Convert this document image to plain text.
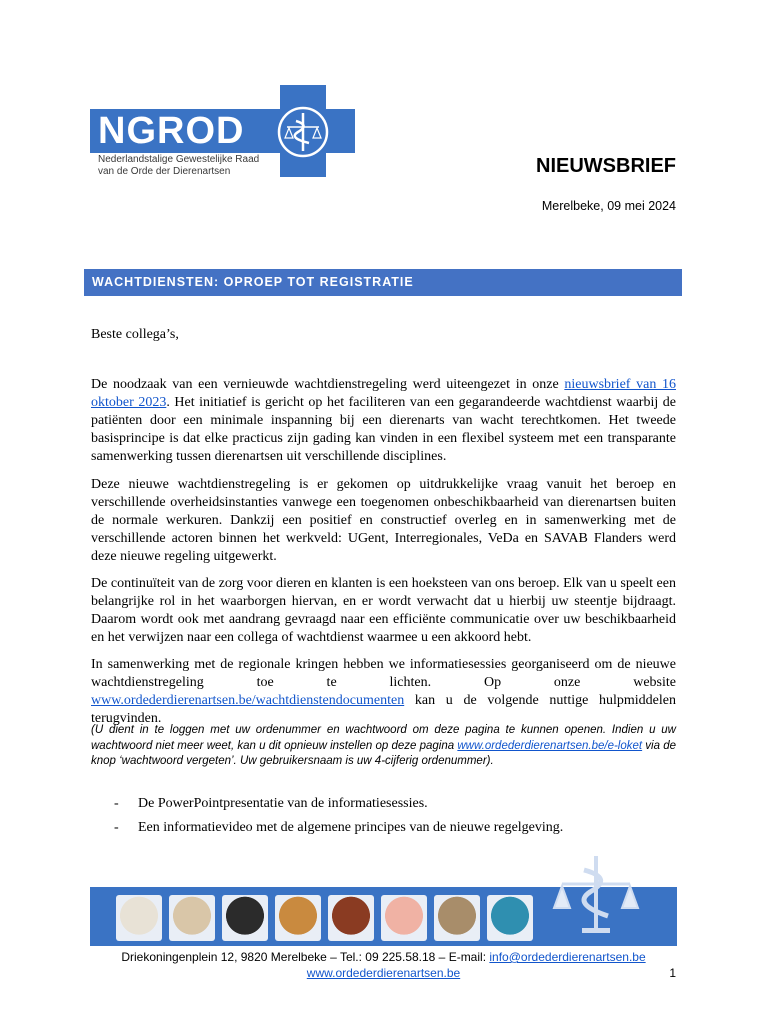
NGROD
Nederlandstalige Gewestelijke Raad
van de Orde der Dierenartsen	NIEUWSBRIEF
Merelbeke, 09 mei 2024
WACHTDIENSTEN: OPROEP TOT REGISTRATIE
Beste collega’s,
De noodzaak van een vernieuwde wachtdienstregeling werd uiteengezet in onze nieuwsbrief van 16 oktober 2023. Het initiatief is gericht op het faciliteren van een gegarandeerde wachtdienst waarbij de patiënten door een minimale inspanning bij een dierenarts van wacht terechtkomen. Het tweede basisprincipe is dat elke practicus zijn gading kan vinden in een flexibel systeem met een transparante samenwerking tussen dierenartsen uit verschillende disciplines.
Deze nieuwe wachtdienstregeling is er gekomen op uitdrukkelijke vraag vanuit het beroep en verschillende overheidsinstanties vanwege een toegenomen onbeschikbaarheid van dierenartsen buiten de normale werkuren. Dankzij een positief en constructief overleg en in samenwerking met de verschillende actoren binnen het werkveld: UGent, Interregionales, VeDa en SAVAB Flanders werd deze nieuwe regeling uitgewerkt.
De continuïteit van de zorg voor dieren en klanten is een hoeksteen van ons beroep. Elk van u speelt een belangrijke rol in het waarborgen hiervan, en er wordt verwacht dat u hierbij uw steentje bijdraagt. Daarom wordt ook met aandrang gevraagd naar een efficiënte communicatie over uw beschikbaarheid en het verwijzen naar een collega of wachtdienst waarmee u een akkoord hebt.
In samenwerking met de regionale kringen hebben we informatiesessies georganiseerd om de nieuwe wachtdienstregeling toe te lichten. Op onze website www.ordederdierenartsen.be/wachtdienstendocumenten kan u de volgende nuttige hulpmiddelen terugvinden.
(U dient in te loggen met uw ordenummer en wachtwoord om deze pagina te kunnen openen. Indien u uw wachtwoord niet meer weet, kan u dit opnieuw instellen op deze pagina www.ordederdierenartsen.be/e-loket via de knop ‘wachtwoord vergeten’. Uw gebruikersnaam is uw 4-cijferig ordenummer).
- De PowerPointpresentatie van de informatiesessies.
- Een informatievideo met de algemene principes van de nieuwe regelgeving.
Driekoningenplein 12, 9820 Merelbeke – Tel.: 09 225.58.18 – E-mail: info@ordederdierenartsen.be
www.ordederdierenartsen.be	1
